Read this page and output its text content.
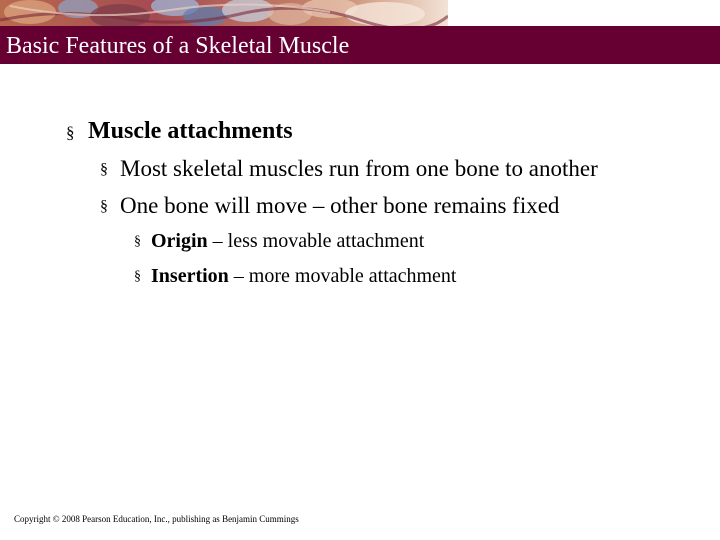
Basic Features of a Skeletal Muscle
§ Muscle attachments
§ Most skeletal muscles run from one bone to another
§ One bone will move – other bone remains fixed
§ Origin – less movable attachment
§ Insertion – more movable attachment
Copyright © 2008 Pearson Education, Inc., publishing as Benjamin Cummings
